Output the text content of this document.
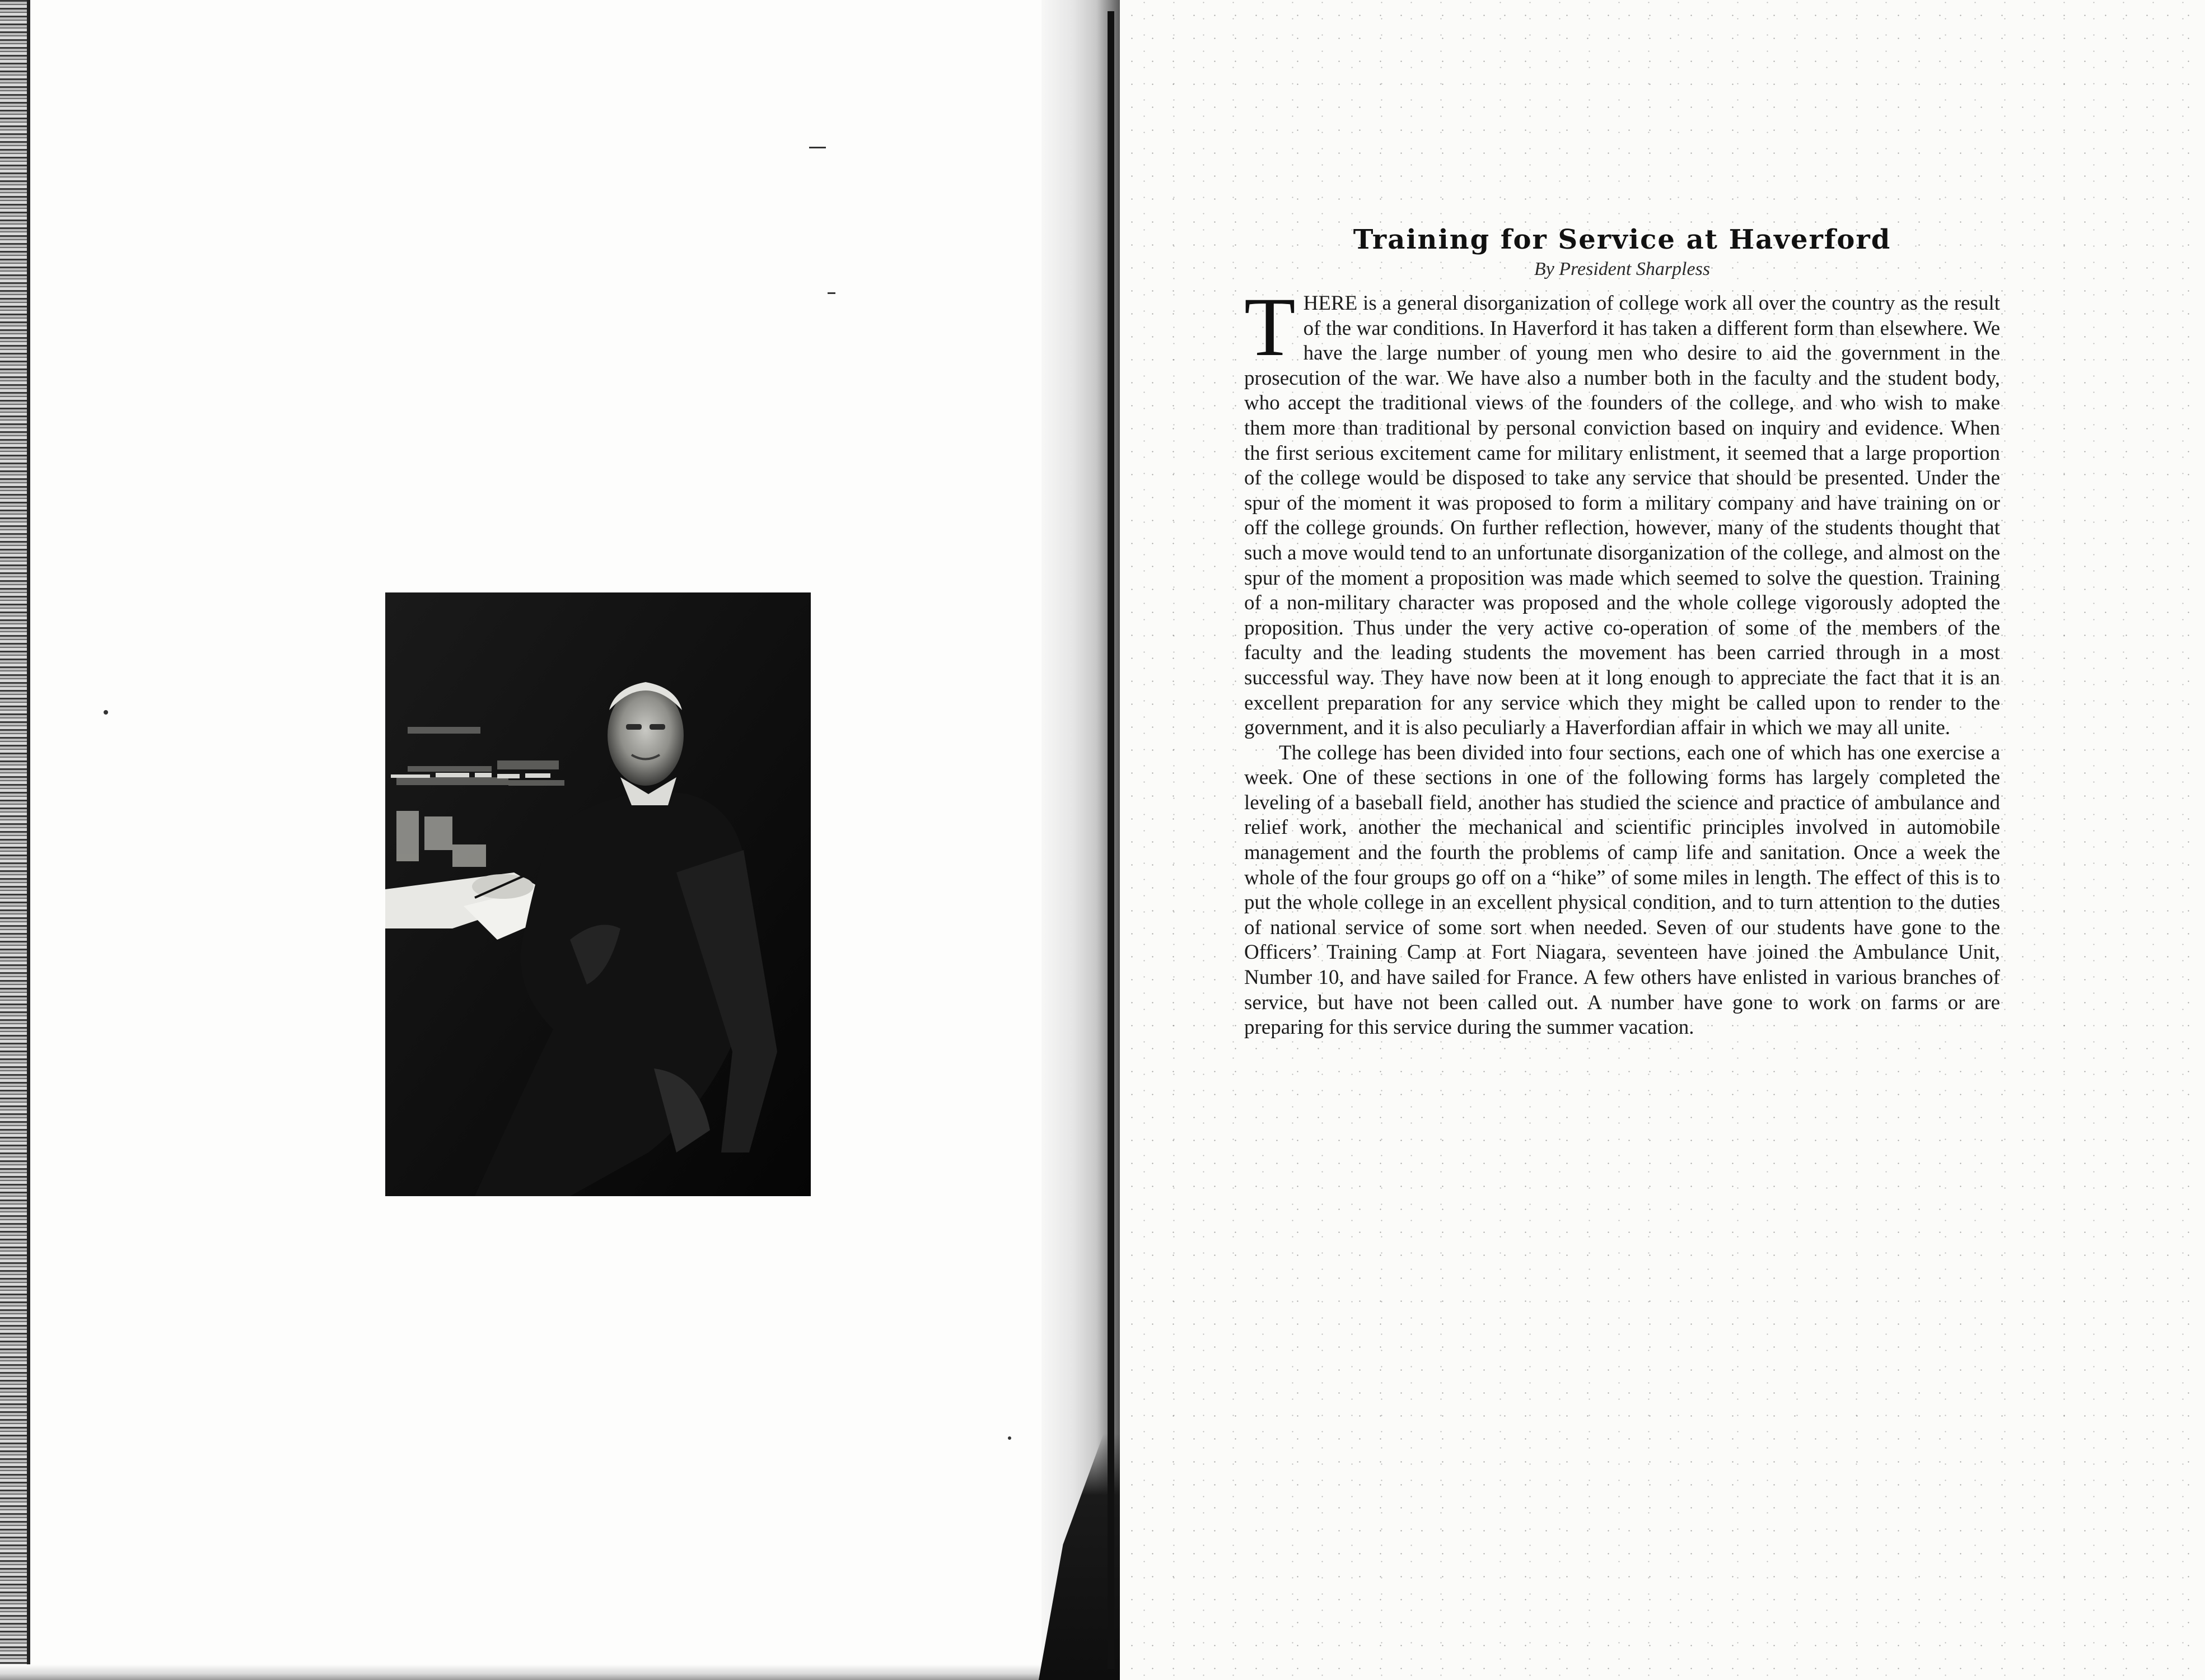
Training for Service at Haverford
By President Sharpless

THERE is a general disorganization of college work all over the country as the result of the war conditions. In Haverford it has taken a different form than elsewhere. We have the large number of young men who desire to aid the government in the prosecution of the war. We have also a number both in the faculty and the student body, who accept the traditional views of the founders of the college, and who wish to make them more than traditional by personal conviction based on inquiry and evidence. When the first serious excitement came for military enlistment, it seemed that a large proportion of the college would be disposed to take any service that should be presented. Under the spur of the moment it was proposed to form a military company and have training on or off the college grounds. On further reflection, however, many of the students thought that such a move would tend to an unfortunate disorganization of the college, and almost on the spur of the moment a proposition was made which seemed to solve the question. Training of a non-military character was proposed and the whole college vigorously adopted the proposition. Thus under the very active co-operation of some of the members of the faculty and the leading students the movement has been carried through in a most successful way. They have now been at it long enough to appreciate the fact that it is an excellent preparation for any service which they might be called upon to render to the government, and it is also peculiarly a Haverfordian affair in which we may all unite.

The college has been divided into four sections, each one of which has one exercise a week. One of these sections in one of the following forms has largely completed the leveling of a baseball field, another has studied the science and practice of ambulance and relief work, another the mechanical and scientific principles involved in automobile management and the fourth the problems of camp life and sanitation. Once a week the whole of the four groups go off on a “hike” of some miles in length. The effect of this is to put the whole college in an excellent physical condition, and to turn attention to the duties of national service of some sort when needed. Seven of our students have gone to the Officers’ Training Camp at Fort Niagara, seventeen have joined the Ambulance Unit, Number 10, and have sailed for France. A few others have enlisted in various branches of service, but have not been called out. A number have gone to work on farms or are preparing for this service during the summer vacation.
